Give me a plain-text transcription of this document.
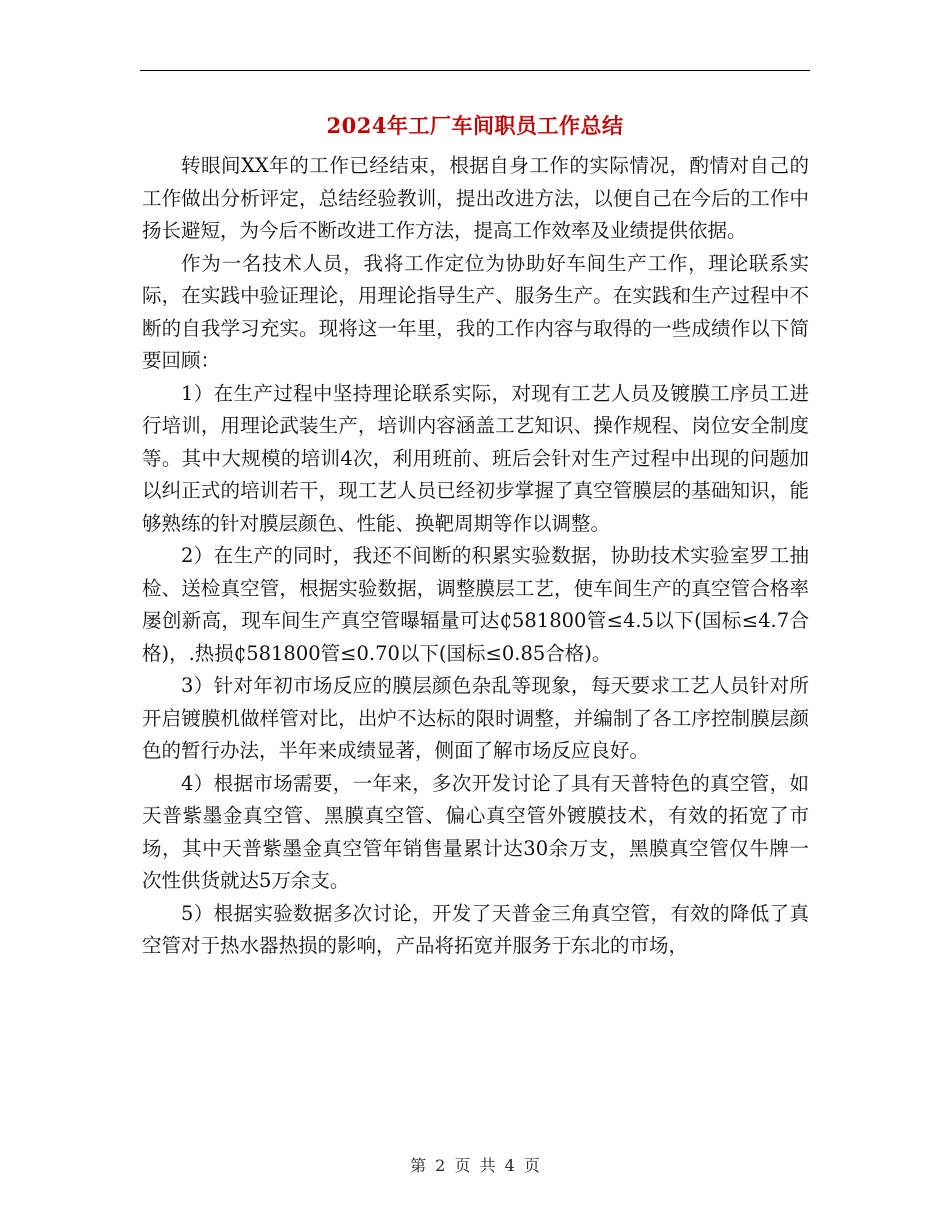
2024年工厂车间职员工作总结

转眼间XX年的工作已经结束，根据自身工作的实际情况，酌情对自己的工作做出分析评定，总结经验教训，提出改进方法，以便自己在今后的工作中扬长避短，为今后不断改进工作方法，提高工作效率及业绩提供依据。

作为一名技术人员，我将工作定位为协助好车间生产工作，理论联系实际，在实践中验证理论，用理论指导生产、服务生产。在实践和生产过程中不断的自我学习充实。现将这一年里，我的工作内容与取得的一些成绩作以下简要回顾：

1）在生产过程中坚持理论联系实际，对现有工艺人员及镀膜工序员工进行培训，用理论武装生产，培训内容涵盖工艺知识、操作规程、岗位安全制度等。其中大规模的培训4次，利用班前、班后会针对生产过程中出现的问题加以纠正式的培训若干，现工艺人员已经初步掌握了真空管膜层的基础知识，能够熟练的针对膜层颜色、性能、换靶周期等作以调整。

2）在生产的同时，我还不间断的积累实验数据，协助技术实验室罗工抽检、送检真空管，根据实验数据，调整膜层工艺，使车间生产的真空管合格率屡创新高，现车间生产真空管曝辐量可达₵581800管≤4.5以下(国标≤4.7合格)，.热损₵581800管≤0.70以下(国标≤0.85合格)。

3）针对年初市场反应的膜层颜色杂乱等现象，每天要求工艺人员针对所开启镀膜机做样管对比，出炉不达标的限时调整，并编制了各工序控制膜层颜色的暂行办法，半年来成绩显著，侧面了解市场反应良好。

4）根据市场需要，一年来，多次开发讨论了具有天普特色的真空管，如天普紫墨金真空管、黑膜真空管、偏心真空管外镀膜技术，有效的拓宽了市场，其中天普紫墨金真空管年销售量累计达30余万支，黑膜真空管仅牛牌一次性供货就达5万余支。

5）根据实验数据多次讨论，开发了天普金三角真空管，有效的降低了真空管对于热水器热损的影响，产品将拓宽并服务于东北的市场，

第 2 页 共 4 页
